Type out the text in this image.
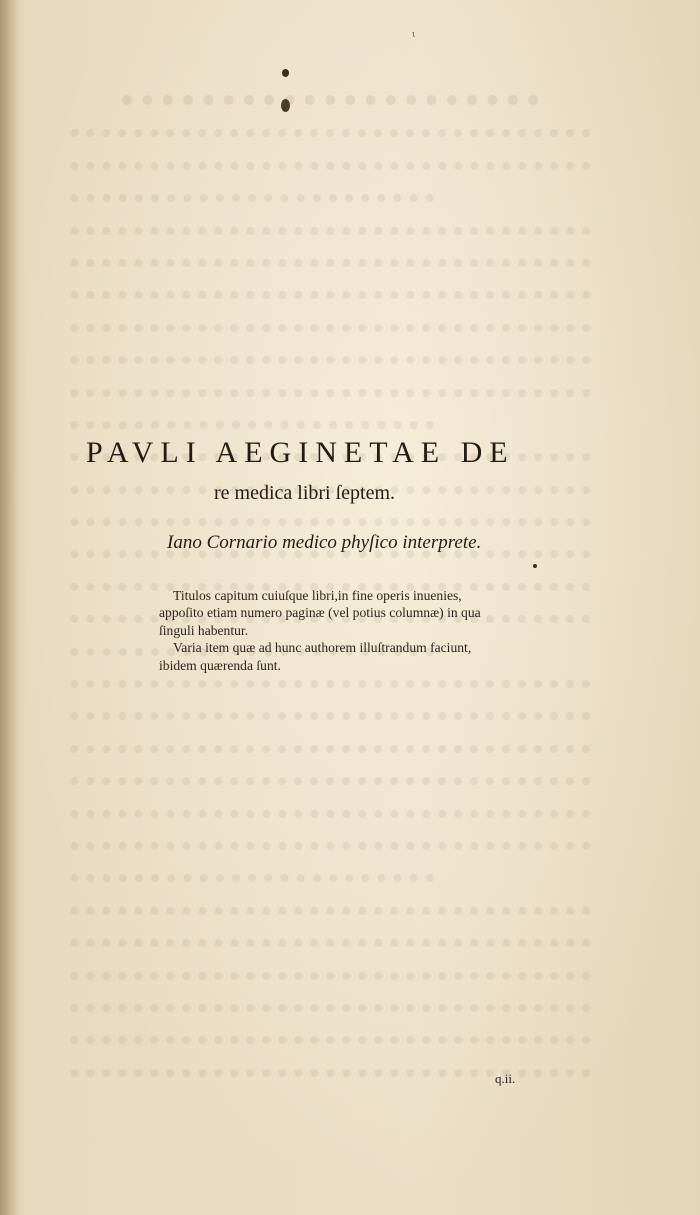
ι
PAVLI AEGINETAE DE
re medica libri ſeptem.
Iano Cornario medico phyſico interprete.

Titulos capitum cuiuſque libri,in fine operis inuenies, appoſito etiam numero paginæ (vel potius columnæ) in qua ſinguli habentur.

Varia item quæ ad hunc authorem illuſtrandum faciunt, ibidem quærenda ſunt.

q.ii.
